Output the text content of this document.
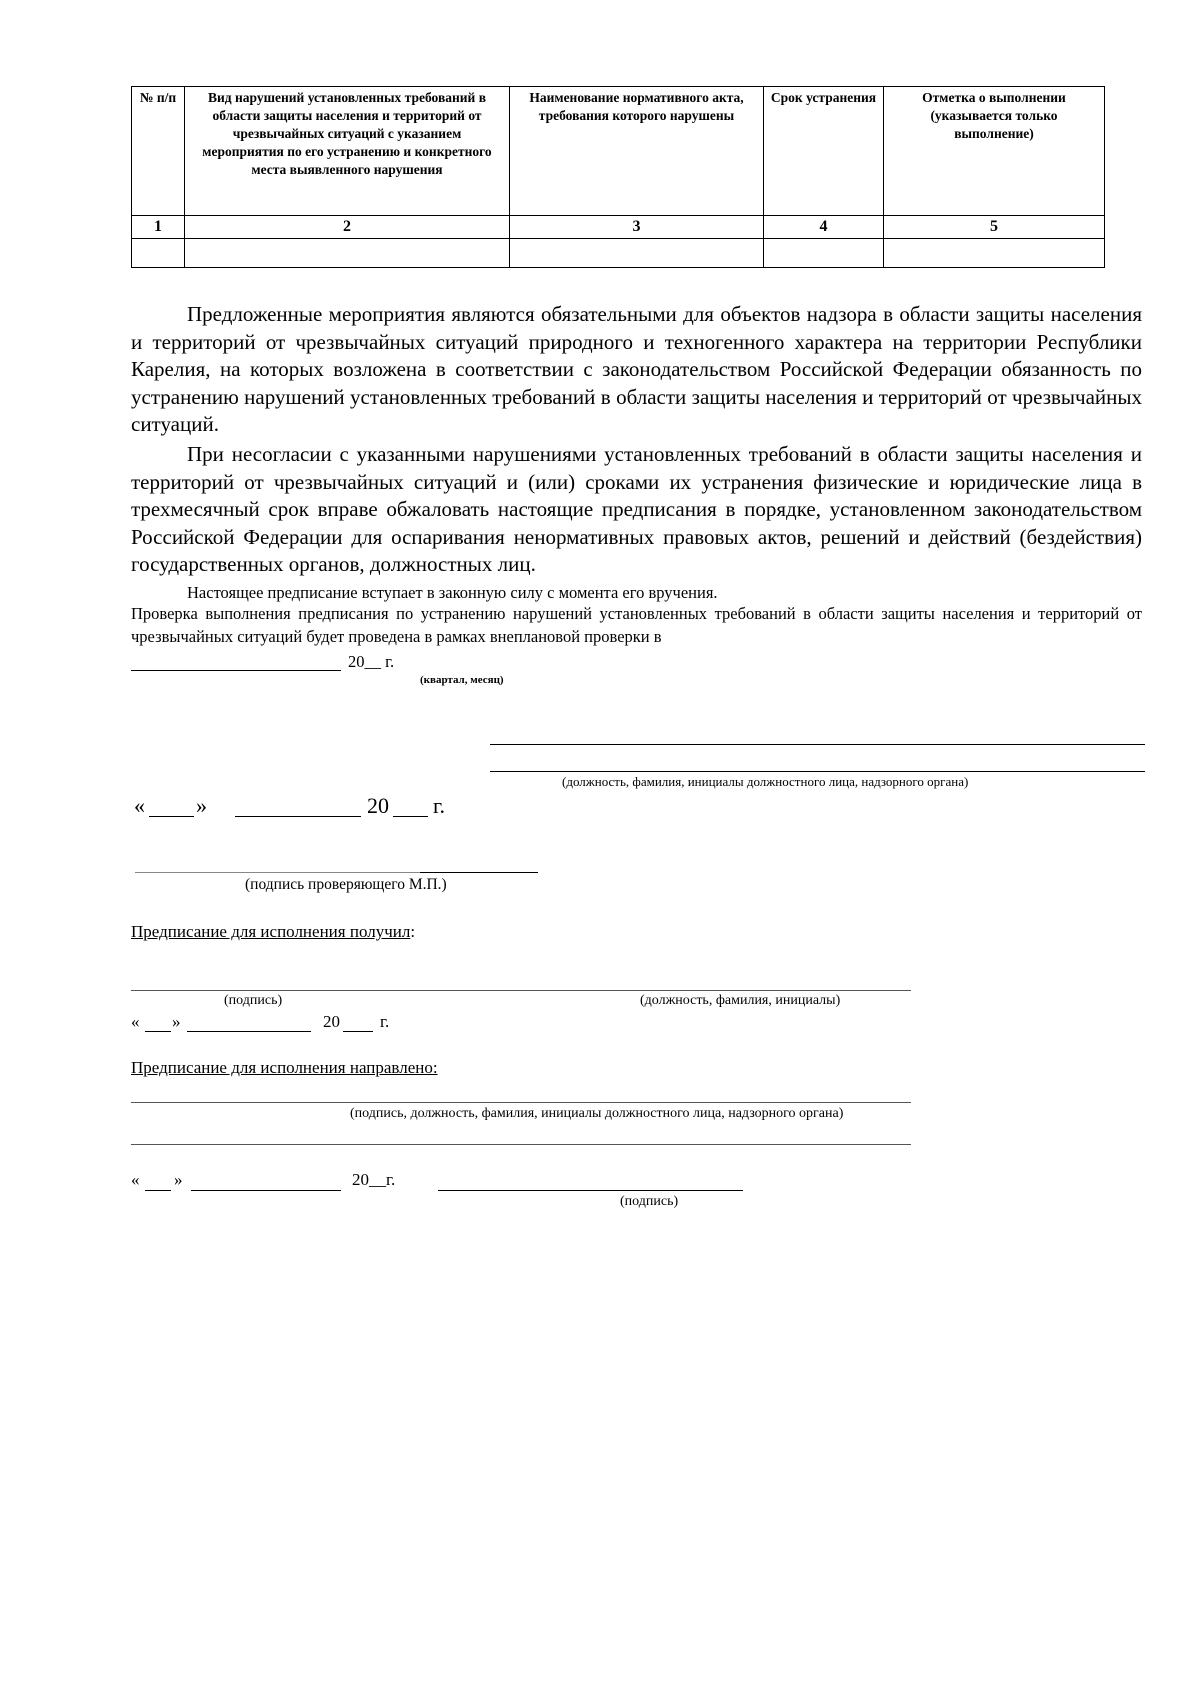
№ п/п	Вид нарушений установленных требований в области защиты населения и территорий от чрезвычайных ситуаций с указанием мероприятия по его устранению и конкретного места выявленного нарушения	Наименование нормативного акта, требования которого нарушены	Срок устранения	Отметка о выполнении (указывается только выполнение)
1	2	3	4	5

Предложенные мероприятия являются обязательными для объектов надзора в области защиты населения и территорий от чрезвычайных ситуаций природного и техногенного характера на территории Республики Карелия, на которых возложена в соответствии с законодательством Российской Федерации обязанность по устранению нарушений установленных требований в области защиты населения и территорий от чрезвычайных ситуаций.

При несогласии с указанными нарушениями установленных требований в области защиты населения и территорий от чрезвычайных ситуаций и (или) сроками их устранения физические и юридические лица в трехмесячный срок вправе обжаловать настоящие предписания в порядке, установленном законодательством Российской Федерации для оспаривания ненормативных правовых актов, решений и действий (бездействия) государственных органов, должностных лиц.

Настоящее предписание вступает в законную силу с момента его вручения.

Проверка выполнения предписания по устранению нарушений установленных требований в области защиты населения и территорий от чрезвычайных ситуаций будет проведена в рамках внеплановой проверки в

20__ г.
(квартал, месяц)
(должность, фамилия, инициалы должностного лица, надзорного органа)
« »	20 г.
(подпись проверяющего М.П.)
Предписание для исполнения получил:
(подпись)	(должность, фамилия, инициалы)
« »	20 г.
Предписание для исполнения направлено:
(подпись, должность, фамилия, инициалы должностного лица, надзорного органа)
« »	20__г.
(подпись)
